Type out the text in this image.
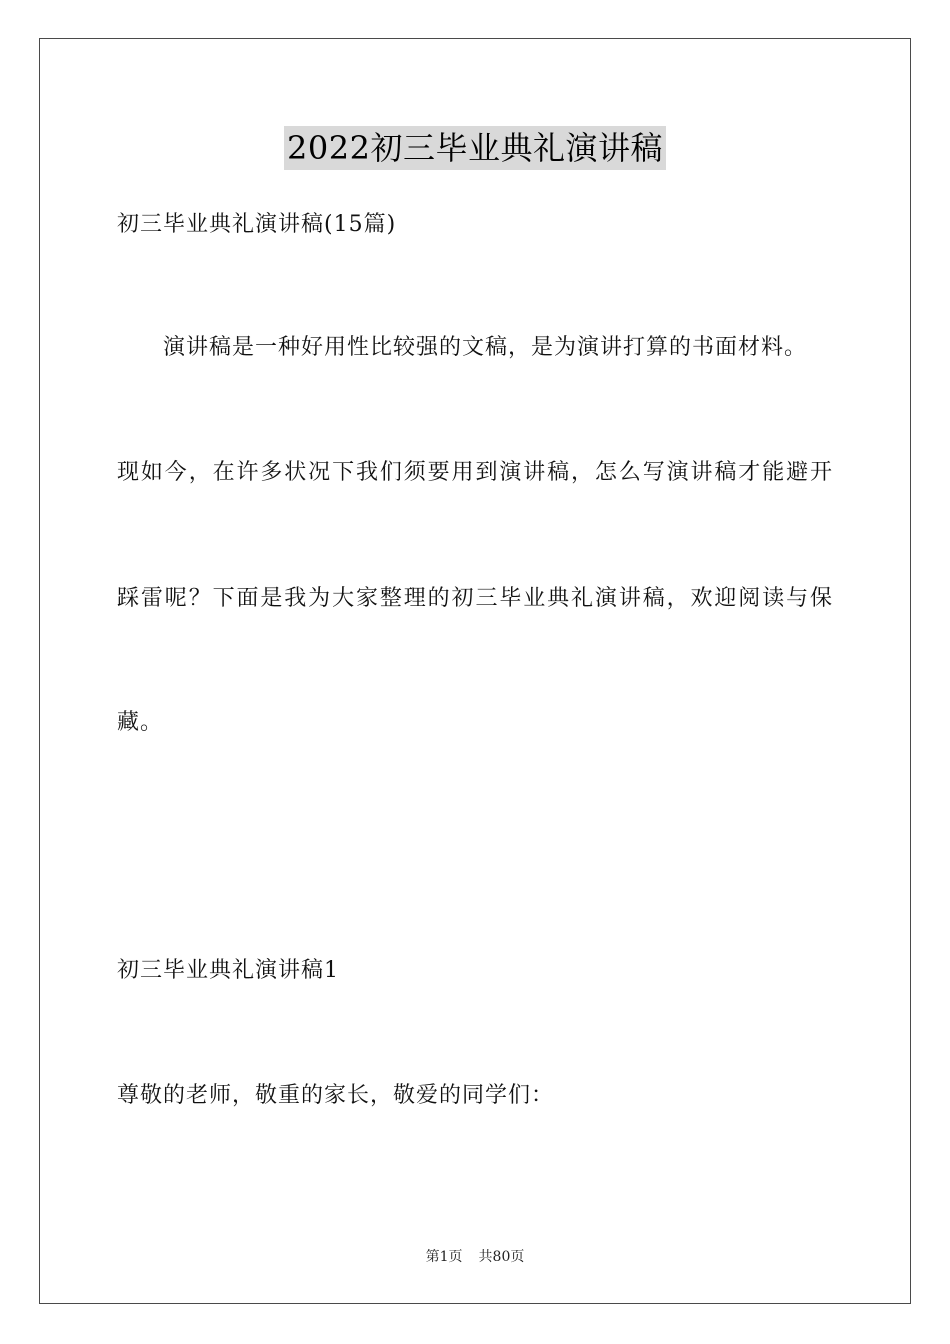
2022初三毕业典礼演讲稿
初三毕业典礼演讲稿(15篇)
演讲稿是一种好用性比较强的文稿，是为演讲打算的书面材料。
现如今，在许多状况下我们须要用到演讲稿，怎么写演讲稿才能避开
踩雷呢？下面是我为大家整理的初三毕业典礼演讲稿，欢迎阅读与保
藏。
初三毕业典礼演讲稿1
尊敬的老师，敬重的家长，敬爱的同学们：
第1页 共80页
